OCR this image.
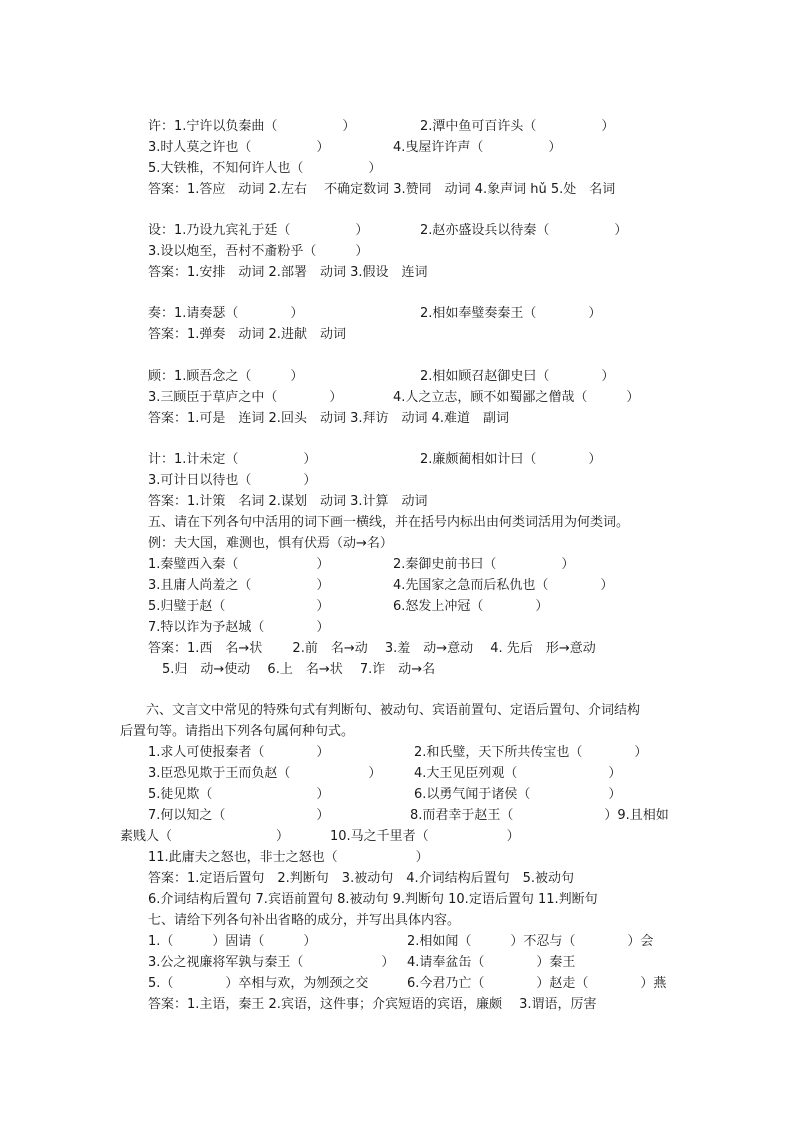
许：1.宁许以负秦曲（　　　　　）	2.潭中鱼可百许头（　　　　　）
3.时人莫之许也（　　　　　）	4.曳屋许许声（　　　　　）
5.大铁椎，不知何许人也（　　　　　）
答案：1.答应　动词 2.左右　 不确定数词 3.赞同　动词 4.象声词 hǔ 5.处　名词
设：1.乃设九宾礼于廷（　　　　　）	2.赵亦盛设兵以待秦（　　　　　）
3.设以炮至，吾村不齑粉乎（　　　）
答案：1.安排　动词 2.部署　动词 3.假设　连词
奏：1.请奏瑟（　　　　）	2.相如奉璧奏秦王（　　　　）
答案：1.弹奏　动词 2.进献　动词
顾：1.顾吾念之（　　　）	2.相如顾召赵御史曰（　　　　）
3.三顾臣于草庐之中（　　　　）	4.人之立志，顾不如蜀鄙之僧哉（　　　）
答案：1.可是　连词 2.回头　动词 3.拜访　动词 4.难道　副词
计：1.计未定（　　　　　）	2.廉颇蔺相如计曰（　　　　）
3.可计日以待也（　　　　）
答案：1.计策　名词 2.谋划　动词 3.计算　动词
五、请在下列各句中活用的词下画一横线，并在括号内标出由何类词活用为何类词。
例：夫大国，难测也，惧有伏焉（动→名）
1.秦璧西入秦（　　　　　　）	2.秦御史前书曰（　　　　　）
3.且庸人尚羞之（　　　　　）	4.先国家之急而后私仇也（　　　　）
5.归璧于赵（　　　　　　　）	6.怒发上冲冠（　　　　）
7.特以诈为予赵城（　　　　）
答案：1.西　名→状　　 2.前　名→动　 3.羞　动→意动　 4. 先后　形→意动
5.归　动→使动　 6.上　名→状　 7.诈　动→名
　　六、文言文中常见的特殊句式有判断句、被动句、宾语前置句、定语后置句、介词结构
后置句等。请指出下列各句属何种句式。
1.求人可使报秦者（　　　　）	2.和氏璧，天下所共传宝也（　　　　）
3.臣恐见欺于王而负赵（　　　　　　）	4.大王见臣列观（　　　　　　　）
5.徒见欺（　　　　　　　　）	6.以勇气闻于诸侯（　　　　　　）
7.何以知之（　　　　　　　）	8.而君幸于赵王（　　　　　　　）9.且相如
素贱人（　　　　　　　　）	10.马之千里者（　　　　　　）
11.此庸夫之怒也，非士之怒也（　　　　　　）
答案：1.定语后置句　2.判断句　3.被动句　4.介词结构后置句　5.被动句
6.介词结构后置句 7.宾语前置句 8.被动句 9.判断句 10.定语后置句 11.判断句
七、请给下列各句补出省略的成分，并写出具体内容。
1.（　　　）固请（　　　）	2.相如闻（　　　）不忍与（　　　　）会
3.公之视廉将军孰与秦王（　　　　　　） 4.请奉盆缶（　　　　）秦王
5.（　　　　）卒相与欢，为刎颈之交	6.今君乃亡（　　　　）赵走（　　　　）燕
答案：1.主语，秦王 2.宾语，这件事；介宾短语的宾语，廉颇　 3.谓语，厉害
